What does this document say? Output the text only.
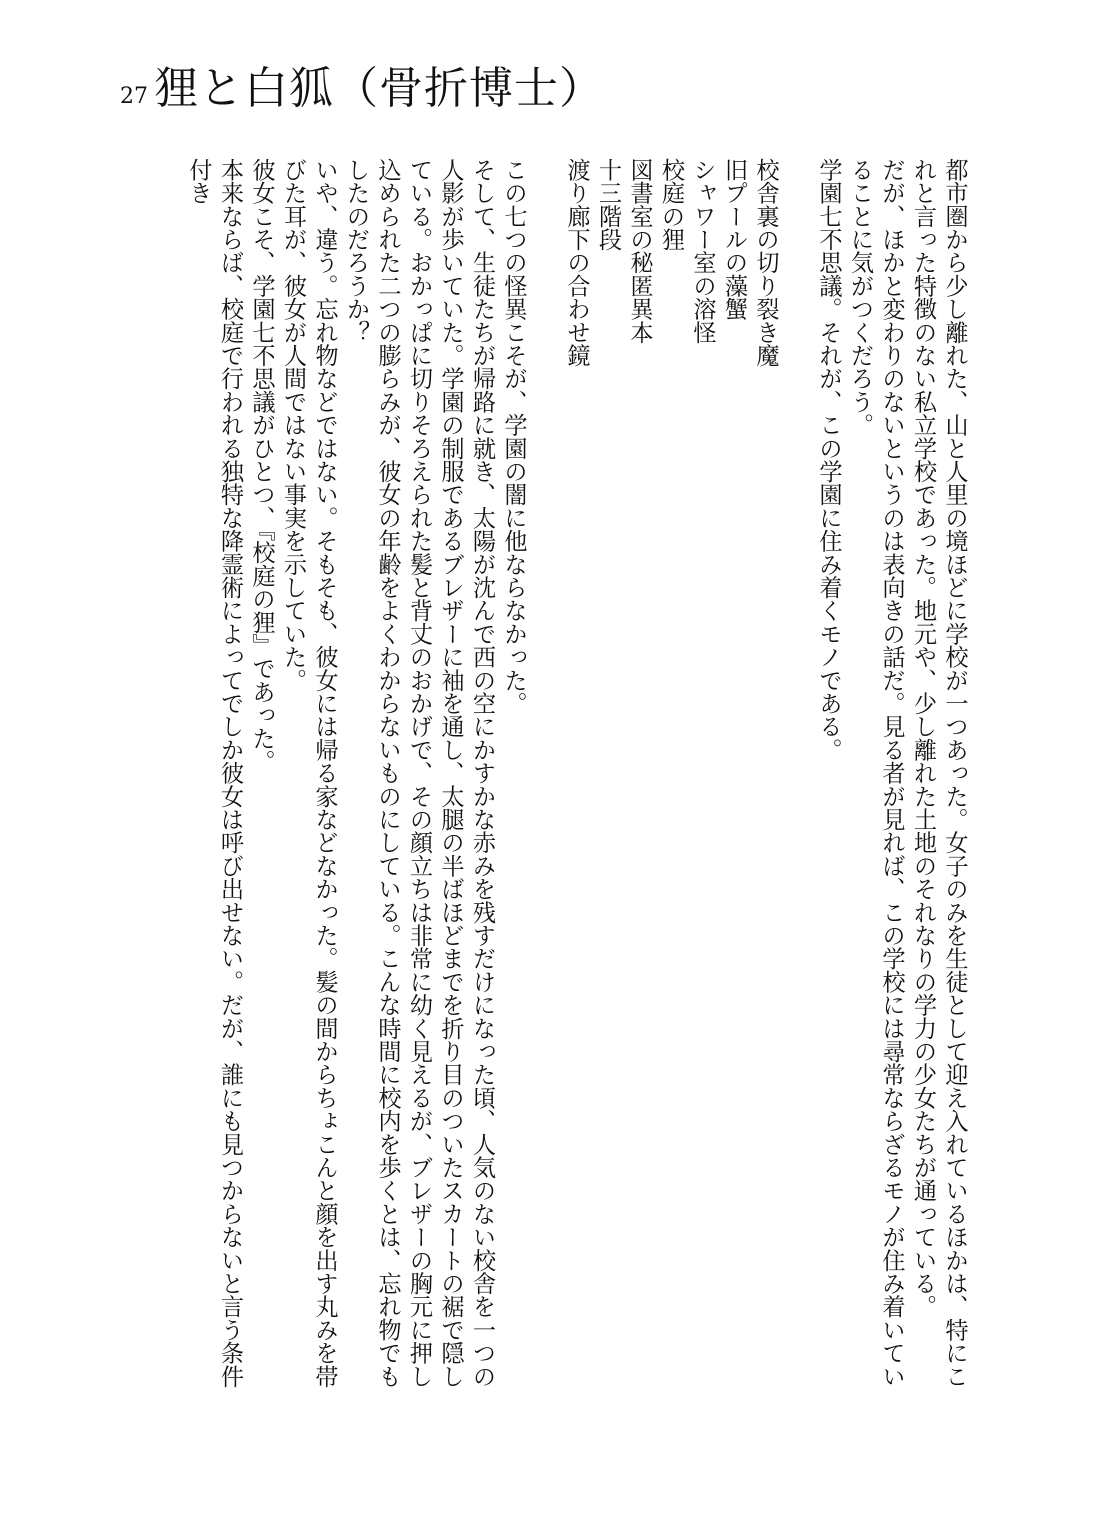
27 狸と白狐（骨折博士）

都市圏から少し離れた、山と人里の境ほどに学校が一つあった。女子のみを生徒として迎え入れているほかは、特にこれと言った特徴のない私立学校であった。地元や、少し離れた土地のそれなりの学力の少女たちが通っている。

だが、ほかと変わりのないというのは表向きの話だ。見る者が見れば、この学校には尋常ならざるモノが住み着いていることに気がつくだろう。

学園七不思議。それが、この学園に住み着くモノである。

校舎裏の切り裂き魔

旧プールの藻蟹

シャワー室の溶怪

校庭の狸

図書室の秘匿異本

十三階段

渡り廊下の合わせ鏡

この七つの怪異こそが、学園の闇に他ならなかった。

そして、生徒たちが帰路に就き、太陽が沈んで西の空にかすかな赤みを残すだけになった頃、人気のない校舎を一つの人影が歩いていた。学園の制服であるブレザーに袖を通し、太腿の半ばほどまでを折り目のついたスカートの裾で隠している。おかっぱに切りそろえられた髪と背丈のおかげで、その顔立ちは非常に幼く見えるが、ブレザーの胸元に押し込められた二つの膨らみが、彼女の年齢をよくわからないものにしている。こんな時間に校内を歩くとは、忘れ物でもしたのだろうか？

いや、違う。忘れ物などではない。そもそも、彼女には帰る家などなかった。髪の間からちょこんと顔を出す丸みを帯びた耳が、彼女が人間ではない事実を示していた。

彼女こそ、学園七不思議がひとつ、『校庭の狸』であった。

本来ならば、校庭で行われる独特な降霊術によってでしか彼女は呼び出せない。だが、誰にも見つからないと言う条件付き
